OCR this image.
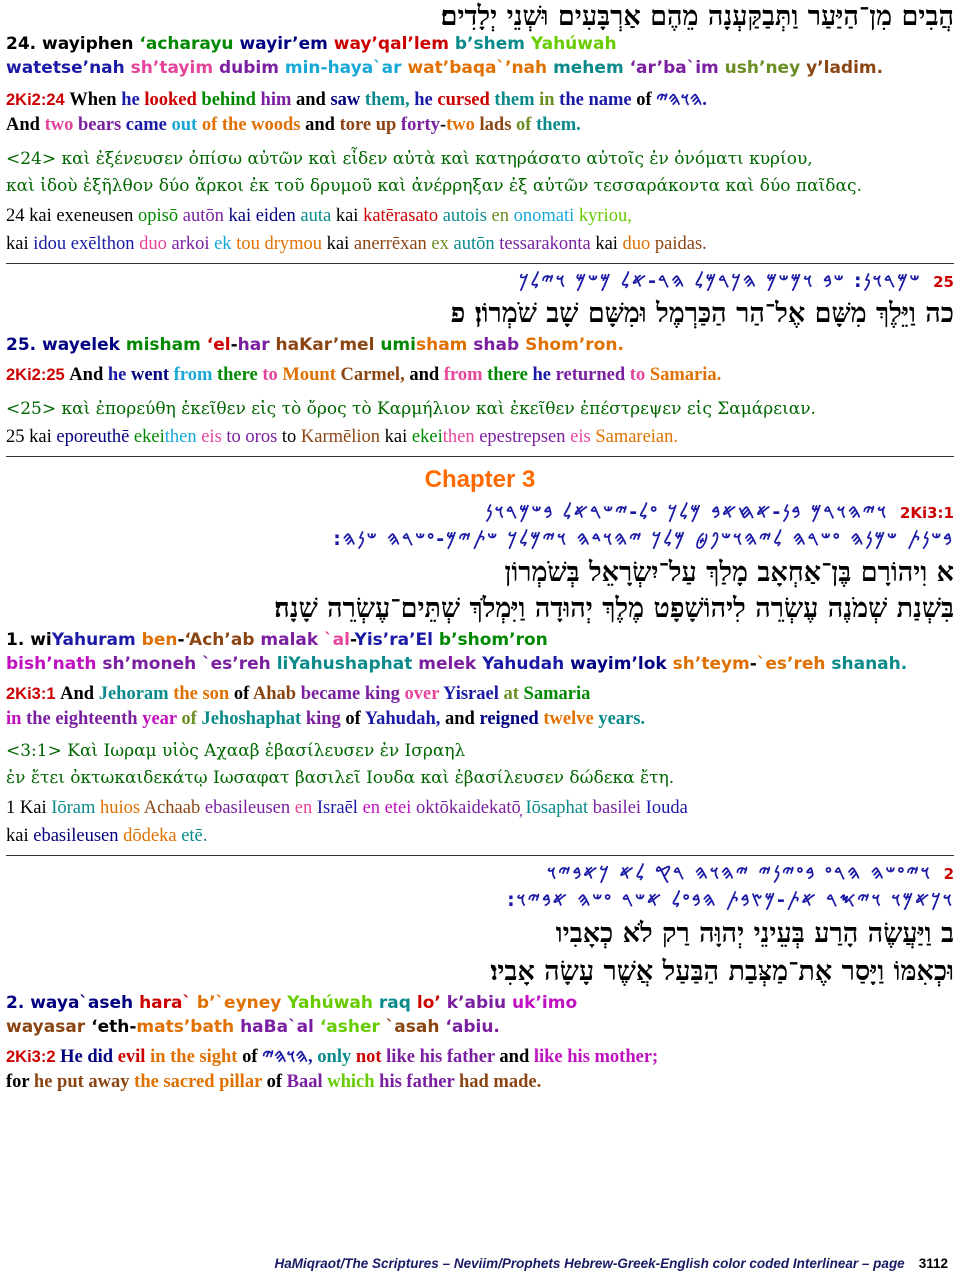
הֲבִים מִן־הַיַּעַר וַתְּבַקַּעְנָה מֵהֶם אַרְבָּעִים וּשְׁנֵי יְלָדִים׃
24. wayiphen ‘acharayu wayir’em way’qal’lem b’shem Yahúwah
watetse’nah sh’tayim dubim min-haya`ar wat’baqa`’nah mehem ‘ar’ba`im ush’ney y’ladim.
2Ki2:24 When he looked behind him and saw them, he cursed them in the name of 𐤄𐤅𐤄𐤉.
And two bears came out of the woods and tore up forty-two lads of them.
<24> καὶ ἐξένευσεν ὀπίσω αὐτῶν καὶ εἶδεν αὐτὰ καὶ κατηράσατο αὐτοῖς ἐν ὀνόματι κυρίου,
καὶ ἰδοὺ ἐξῆλθον δύο ἄρκοι ἐκ τοῦ δρυμοῦ καὶ ἀνέρρηξαν ἐξ αὐτῶν τεσσαράκοντα καὶ δύο παῖδας.
24 kai exeneusen opisō autōn kai eiden auta kai katērasato autois en onomati kyriou,
kai idou exēlthon duo arkoi ek tou drymou kai anerrēxan ex autōn tessarakonta kai duo paidas.
25 𐤔𐤌𐤓𐤅𐤍׃ 𐤔𐤁 𐤅𐤌𐤔𐤌 𐤄𐤊𐤓𐤌𐤋 𐤄𐤓-𐤀𐤋 𐤌𐤔𐤌 𐤅𐤉𐤋𐤊
כה וַיֵּלֶךְ מִשָּׁם אֶל־הַר הַכַּרְמֶל וּמִשָּׁם שָׁב שֹׁמְרוֹן׃ פ
25. wayelek misham ‘el-har haKar’mel umisham shab Shom’ron.
2Ki2:25 And he went from there to Mount Carmel, and from there he returned to Samaria.
<25> καὶ ἐπορεύθη ἐκεῖθεν εἰς τὸ ὄρος τὸ Καρμήλιον καὶ ἐκεῖθεν ἐπέστρεψεν εἰς Σαμάρειαν.
25 kai eporeuthē ekeithen eis to oros to Karmēlion kai ekeithen epestrepsen eis Samareian.
Chapter 3
2Ki3:1 𐤅𐤉𐤄𐤅𐤓𐤌 𐤁𐤍-𐤀𐤇𐤀𐤁 𐤌𐤋𐤊 𐤏𐤋-𐤉𐤔𐤓𐤀𐤋 𐤁𐤔𐤌𐤓𐤅𐤍
𐤁𐤔𐤍𐤕 𐤔𐤌𐤍𐤄 𐤏𐤔𐤓𐤄 𐤋𐤉𐤄𐤅𐤔𐤐𐤈 𐤌𐤋𐤊 𐤉𐤄𐤅𐤃𐤄 𐤅𐤉𐤌𐤋𐤊 𐤔𐤕𐤉𐤌-𐤏𐤔𐤓𐤄 𐤔𐤍𐤄׃
א וִיהוֹרָם בֶּן־אַחְאָב מָלַךְ עַל־יִשְׂרָאֵל בְּשֹׁמְרוֹן
בִּשְׁנַת שְׁמֹנֶה עֶשְׂרֵה לִיהוֹשָׁפָט מֶלֶךְ יְהוּדָה וַיִּמְלֹךְ שְׁתֵּים־עֶשְׂרֵה שָׁנָה׃
1. wiYahuram ben-‘Ach’ab malak `al-Yis’ra’El b’shom’ron
bish’nath sh’moneh `es’reh liYahushaphat melek Yahudah wayim’lok sh’teym-`es’reh shanah.
2Ki3:1 And Jehoram the son of Ahab became king over Yisrael at Samaria
in the eighteenth year of Jehoshaphat king of Yahudah, and reigned twelve years.
<3:1> Καὶ Ιωραμ υἱὸς Αχααβ ἐβασίλευσεν ἐν Ισραηλ
ἐν ἔτει ὀκτωκαιδεκάτῳ Ιωσαφατ βασιλεῖ Ιουδα καὶ ἐβασίλευσεν δώδεκα ἔτη.
1 Kai Iōram huios Achaab ebasileusen en Israēl en etei oktōkaidekatō̦ Iōsaphat basilei Iouda
kai ebasileusen dōdeka etē.
2 𐤅𐤉𐤏𐤔𐤄 𐤄𐤓𐤏 𐤁𐤏𐤉𐤍𐤉 𐤉𐤄𐤅𐤄 𐤓𐤒 𐤋𐤀 𐤊𐤀𐤁𐤉𐤅
𐤅𐤊𐤀𐤌𐤅 𐤅𐤉𐤎𐤓 𐤀𐤕-𐤌𐤑𐤁𐤕 𐤄𐤁𐤏𐤋 𐤀𐤔𐤓 𐤏𐤔𐤄 𐤀𐤁𐤉𐤅׃
ב וַיַּעֲשֶׂה הָרַע בְּעֵינֵי יְהוָּה רַק לֹא כְאָבִיו
וּכְאִמּוֹ וַיָּסַר אֶת־מַצְּבַת הַבַּעַל אֲשֶׁר עָשָׂה אָבִיו׃
2. waya`aseh hara` b’`eyney Yahúwah raq lo’ k’abiu uk’imo
wayasar ‘eth-mats’bath haBa`al ‘asher `asah ‘abiu.
2Ki3:2 He did evil in the sight of 𐤄𐤅𐤄𐤉, only not like his father and like his mother;
for he put away the sacred pillar of Baal which his father had made.
HaMiqraot/The Scriptures – Neviim/Prophets Hebrew-Greek-English color coded Interlinear – page 3112
